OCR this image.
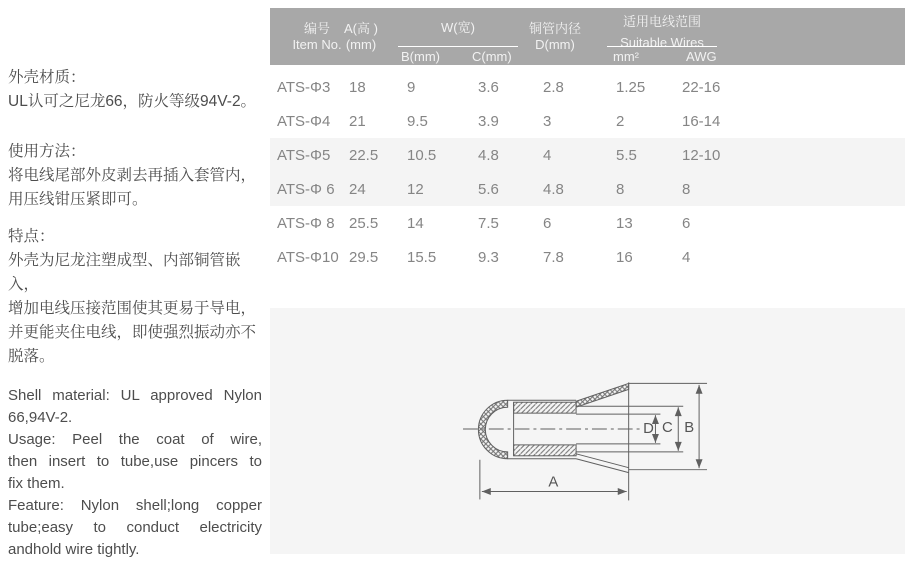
外壳材质：
UL认可之尼龙66，防火等级94V-2。

使用方法：
将电线尾部外皮剥去再插入套管内，
用压线钳压紧即可。

特点：
外壳为尼龙注塑成型、内部铜管嵌入，
增加电线压接范围使其更易于导电，
并更能夹住电线，即使强烈振动亦不
脱落。

Shell material: UL approved Nylon
66,94V-2.
Usage: Peel the coat of wire,
then insert to tube,use pincers to
fix them.
Feature: Nylon shell;long copper
tube;easy to conduct electricity
andhold wire tightly.
编号
Item No.
A(高 )
(mm)
W(宽)
B(mm)	C(mm)
铜管内径
D(mm)
适用电线范围
Suitable Wires
mm²	AWG
ATS-Φ3	18	9	3.6	2.8	1.25	22-16
ATS-Φ4	21	9.5	3.9	3	2	16-14
ATS-Φ5	22.5	10.5	4.8	4	5.5	12-10
ATS-Φ 6 24	12	5.6	4.8	8	8
ATS-Φ 8 25.5	14	7.5	6	13	6
ATS-Φ10 29.5	15.5	9.3	7.8	16	4
A
B
C
D
